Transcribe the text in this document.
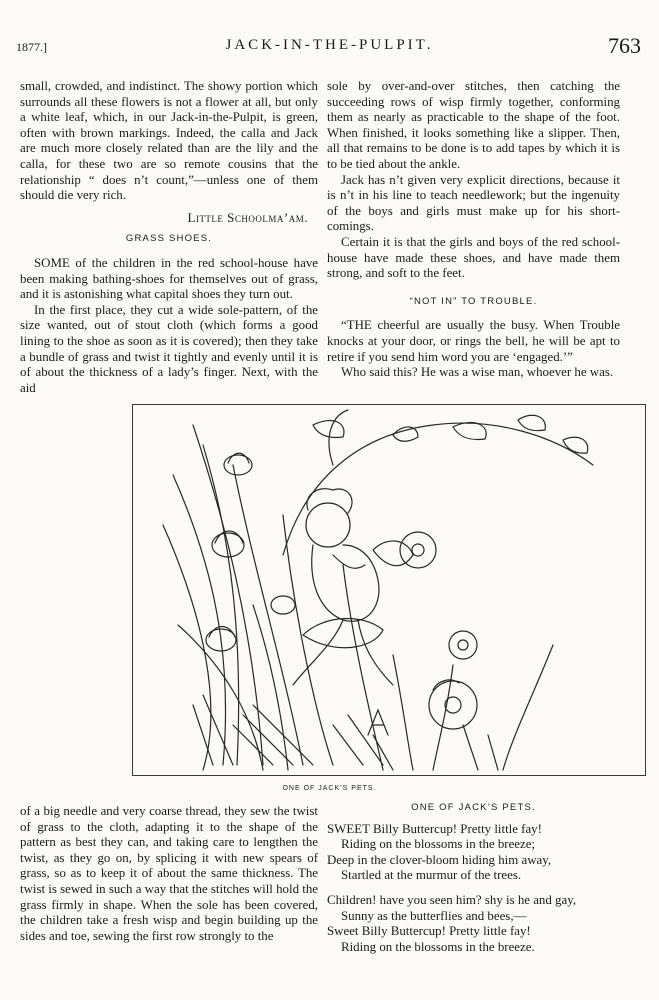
1877.]	JACK-IN-THE-PULPIT.	763

small, crowded, and indistinct. The showy portion which surrounds all these flowers is not a flower at all, but only a white leaf, which, in our Jack-in-the-Pulpit, is green, often with brown markings. Indeed, the calla and Jack are much more closely related than are the lily and the calla, for these two are so remote cousins that the relationship “ does n’t count,”—unless one of them should die very rich.

Little Schoolma’am.
GRASS SHOES.

SOME of the children in the red school-house have been making bathing-shoes for themselves out of grass, and it is astonishing what capital shoes they turn out.

In the first place, they cut a wide sole-pattern, of the size wanted, out of stout cloth (which forms a good lining to the shoe as soon as it is covered); then they take a bundle of grass and twist it tightly and evenly until it is of about the thickness of a lady’s finger. Next, with the aid

sole by over-and-over stitches, then catching the succeeding rows of wisp firmly together, conforming them as nearly as practicable to the shape of the foot. When finished, it looks something like a slipper. Then, all that remains to be done is to add tapes by which it is to be tied about the ankle.

Jack has n’t given very explicit directions, because it is n’t in his line to teach needlework; but the ingenuity of the boys and girls must make up for his short-comings.

Certain it is that the girls and boys of the red school-house have made these shoes, and have made them strong, and soft to the feet.

“NOT IN” TO TROUBLE.

“THE cheerful are usually the busy. When Trouble knocks at your door, or rings the bell, he will be apt to retire if you send him word you are ‘engaged.’”

Who said this? He was a wise man, whoever he was.

ONE OF JACK’S PETS.

of a big needle and very coarse thread, they sew the twist of grass to the cloth, adapting it to the shape of the pattern as best they can, and taking care to lengthen the twist, as they go on, by splicing it with new spears of grass, so as to keep it of about the same thickness. The twist is sewed in such a way that the stitches will hold the grass firmly in shape. When the sole has been covered, the children take a fresh wisp and begin building up the sides and toe, sewing the first row strongly to the

ONE OF JACK’S PETS.
SWEET Billy Buttercup! Pretty little fay!
Riding on the blossoms in the breeze;
Deep in the clover-bloom hiding him away,
Startled at the murmur of the trees.
Children! have you seen him? shy is he and gay,
Sunny as the butterflies and bees,—
Sweet Billy Buttercup! Pretty little fay!
Riding on the blossoms in the breeze.
